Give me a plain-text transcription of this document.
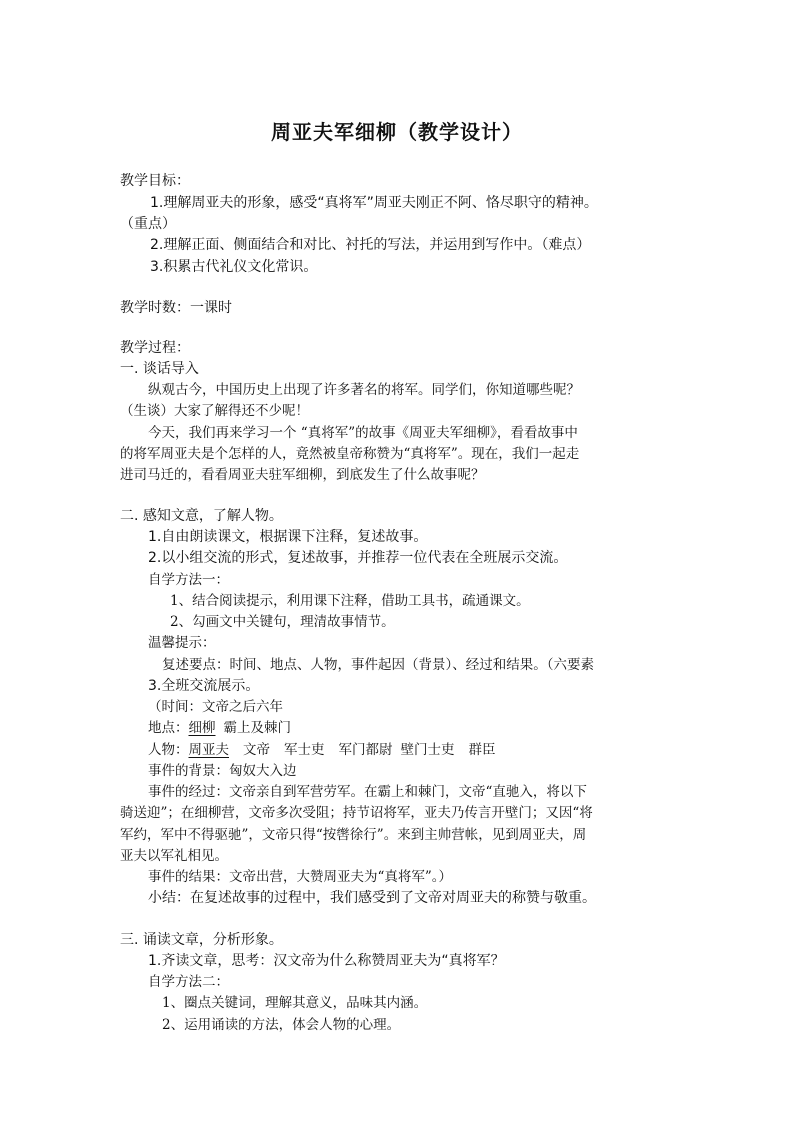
周亚夫军细柳（教学设计）
教学目标：
1.理解周亚夫的形象，感受“真将军”周亚夫刚正不阿、恪尽职守的精神。
（重点）
2.理解正面、侧面结合和对比、衬托的写法，并运用到写作中。（难点）
3.积累古代礼仪文化常识。
教学时数：一课时
教学过程：
一. 谈话导入
纵观古今，中国历史上出现了许多著名的将军。同学们，你知道哪些呢？
（生谈）大家了解得还不少呢！
今天，我们再来学习一个 “真将军”的故事《周亚夫军细柳》，看看故事中
的将军周亚夫是个怎样的人，竟然被皇帝称赞为“真将军”。现在，我们一起走
进司马迁的，看看周亚夫驻军细柳，到底发生了什么故事呢？
二. 感知文意，了解人物。
1.自由朗读课文，根据课下注释，复述故事。
2.以小组交流的形式，复述故事，并推荐一位代表在全班展示交流。
自学方法一：
1、结合阅读提示，利用课下注释，借助工具书，疏通课文。
2、勾画文中关键句，理清故事情节。
温馨提示：
复述要点：时间、地点、人物，事件起因（背景）、经过和结果。（六要素
3.全班交流展示。
（时间：文帝之后六年
地点：细柳 霸上及棘门
人物：周亚夫 文帝 军士吏 军门都尉 壁门士吏 群臣
事件的背景：匈奴大入边
事件的经过：文帝亲自到军营劳军。在霸上和棘门，文帝“直驰入，将以下
骑送迎”；在细柳营，文帝多次受阻；持节诏将军，亚夫乃传言开壁门；又因“将
军约，军中不得驱驰”，文帝只得“按辔徐行”。来到主帅营帐，见到周亚夫，周
亚夫以军礼相见。
事件的结果：文帝出营，大赞周亚夫为“真将军”。）
小结：在复述故事的过程中，我们感受到了文帝对周亚夫的称赞与敬重。
三. 诵读文章，分析形象。
1.齐读文章，思考：汉文帝为什么称赞周亚夫为“真将军？
自学方法二：
1、圈点关键词，理解其意义，品味其内涵。
2、运用诵读的方法，体会人物的心理。
